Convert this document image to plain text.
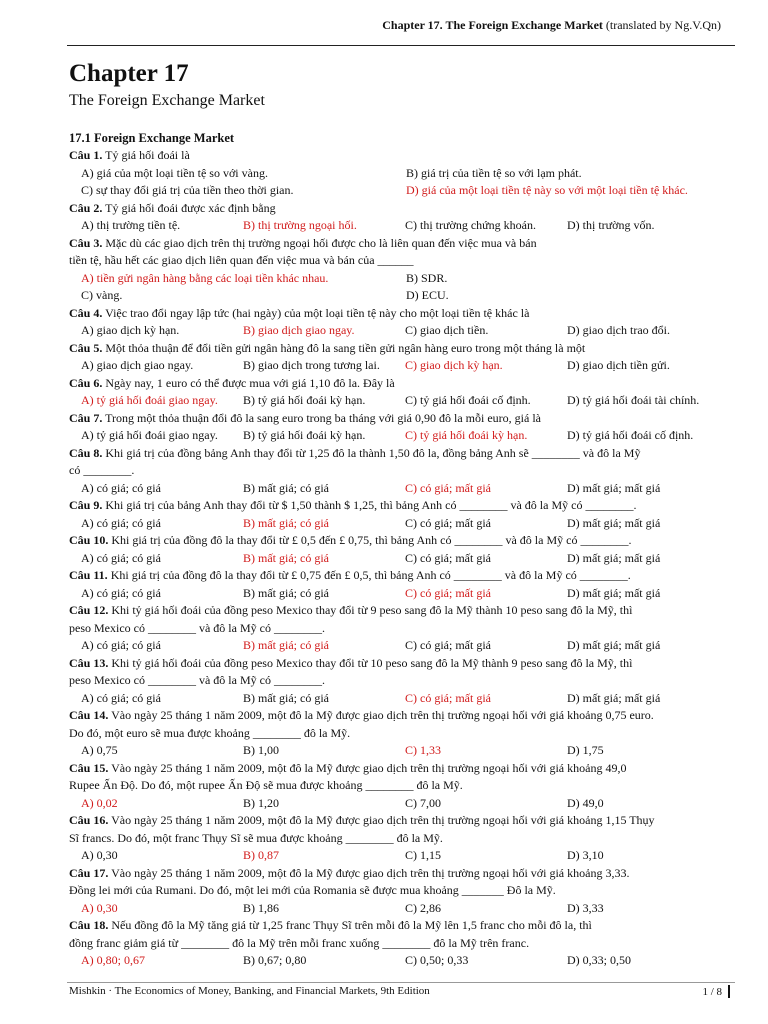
Chapter 17. The Foreign Exchange Market (translated by Ng.V.Qn)
Chapter 17
The Foreign Exchange Market
17.1 Foreign Exchange Market
Câu 1. Tỷ giá hối đoái là
A) giá của một loại tiền tệ so với vàng.	B) giá trị của tiền tệ so với lạm phát.
C) sự thay đổi giá trị của tiền theo thời gian.	D) giá của một loại tiền tệ này so với một loại tiền tệ khác.
Câu 2. Tỷ giá hối đoái được xác định bằng
A) thị trường tiền tệ.	B) thị trường ngoại hối.	C) thị trường chứng khoán.	D) thị trường vốn.
Câu 3. Mặc dù các giao dịch trên thị trường ngoại hối được cho là liên quan đến việc mua và bán
tiền tệ, hầu hết các giao dịch liên quan đến việc mua và bán của ______
A) tiền gửi ngân hàng bằng các loại tiền khác nhau.	B) SDR.
C) vàng.	D) ECU.
Câu 4. Việc trao đổi ngay lập tức (hai ngày) của một loại tiền tệ này cho một loại tiền tệ khác là
A) giao dịch kỳ hạn.	B) giao dịch giao ngay.	C) giao dịch tiền.	D) giao dịch trao đổi.
Câu 5. Một thỏa thuận để đổi tiền gửi ngân hàng đô la sang tiền gửi ngân hàng euro trong một tháng là một
A) giao dịch giao ngay.	B) giao dịch trong tương lai.	C) giao dịch kỳ hạn.	D) giao dịch tiền gửi.
Câu 6. Ngày nay, 1 euro có thể được mua với giá 1,10 đô la. Đây là
A) tỷ giá hối đoái giao ngay.	B) tỷ giá hối đoái kỳ hạn.	C) tỷ giá hối đoái cố định.	D) tỷ giá hối đoái tài chính.
Câu 7. Trong một thỏa thuận đổi đô la sang euro trong ba tháng với giá 0,90 đô la mỗi euro, giá là
A) tỷ giá hối đoái giao ngay.	B) tỷ giá hối đoái kỳ hạn.	C) tỷ giá hối đoái kỳ hạn.	D) tỷ giá hối đoái cố định.
Câu 8. Khi giá trị của đồng bảng Anh thay đổi từ 1,25 đô la thành 1,50 đô la, đồng bảng Anh sẽ ________ và đô la Mỹ
có ________.
A) có giá; có giá	B) mất giá; có giá	C) có giá; mất giá	D) mất giá; mất giá
Câu 9. Khi giá trị của bảng Anh thay đổi từ $ 1,50 thành $ 1,25, thì bảng Anh có ________ và đô la Mỹ có ________.
A) có giá; có giá	B) mất giá; có giá	C) có giá; mất giá	D) mất giá; mất giá
Câu 10. Khi giá trị của đồng đô la thay đổi từ £ 0,5 đến £ 0,75, thì bảng Anh có ________ và đô la Mỹ có ________.
A) có giá; có giá	B) mất giá; có giá	C) có giá; mất giá	D) mất giá; mất giá
Câu 11. Khi giá trị của đồng đô la thay đổi từ £ 0,75 đến £ 0,5, thì bảng Anh có ________ và đô la Mỹ có ________.
A) có giá; có giá	B) mất giá; có giá	C) có giá; mất giá	D) mất giá; mất giá
Câu 12. Khi tỷ giá hối đoái của đồng peso Mexico thay đổi từ 9 peso sang đô la Mỹ thành 10 peso sang đô la Mỹ, thì
peso Mexico có ________ và đô la Mỹ có ________.
A) có giá; có giá	B) mất giá; có giá	C) có giá; mất giá	D) mất giá; mất giá
Câu 13. Khi tỷ giá hối đoái của đồng peso Mexico thay đổi từ 10 peso sang đô la Mỹ thành 9 peso sang đô la Mỹ, thì
peso Mexico có ________ và đô la Mỹ có ________.
A) có giá; có giá	B) mất giá; có giá	C) có giá; mất giá	D) mất giá; mất giá
Câu 14. Vào ngày 25 tháng 1 năm 2009, một đô la Mỹ được giao dịch trên thị trường ngoại hối với giá khoảng 0,75 euro.
Do đó, một euro sẽ mua được khoảng ________ đô la Mỹ.
A) 0,75	B) 1,00	C) 1,33	D) 1,75
Câu 15. Vào ngày 25 tháng 1 năm 2009, một đô la Mỹ được giao dịch trên thị trường ngoại hối với giá khoảng 49,0
Rupee Ấn Độ. Do đó, một rupee Ấn Độ sẽ mua được khoảng ________ đô la Mỹ.
A) 0,02	B) 1,20	C) 7,00	D) 49,0
Câu 16. Vào ngày 25 tháng 1 năm 2009, một đô la Mỹ được giao dịch trên thị trường ngoại hối với giá khoảng 1,15 Thụy
Sĩ francs. Do đó, một franc Thụy Sĩ sẽ mua được khoảng ________ đô la Mỹ.
A) 0,30	B) 0,87	C) 1,15	D) 3,10
Câu 17. Vào ngày 25 tháng 1 năm 2009, một đô la Mỹ được giao dịch trên thị trường ngoại hối với giá khoảng 3,33.
Đồng lei mới của Rumani. Do đó, một lei mới của Romania sẽ được mua khoảng _______ Đô la Mỹ.
A) 0,30	B) 1,86	C) 2,86	D) 3,33
Câu 18. Nếu đồng đô la Mỹ tăng giá từ 1,25 franc Thụy Sĩ trên mỗi đô la Mỹ lên 1,5 franc cho mỗi đô la, thì
đồng franc giảm giá từ ________ đô la Mỹ trên mỗi franc xuống ________ đô la Mỹ trên franc.
A) 0,80; 0,67	B) 0,67; 0,80	C) 0,50; 0,33	D) 0,33; 0,50
Mishkin · The Economics of Money, Banking, and Financial Markets, 9th Edition	1 / 8
